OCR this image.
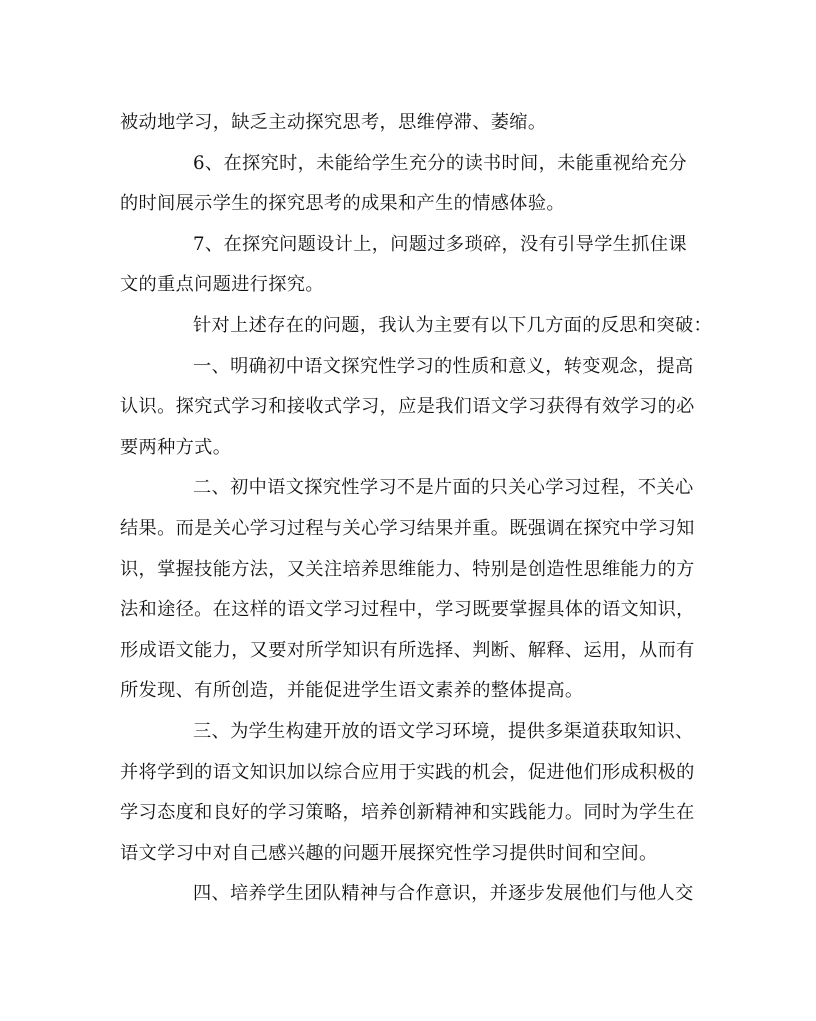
被动地学习，缺乏主动探究思考，思维停滞、萎缩。
6、在探究时，未能给学生充分的读书时间，未能重视给充分
的时间展示学生的探究思考的成果和产生的情感体验。
7、在探究问题设计上，问题过多琐碎，没有引导学生抓住课
文的重点问题进行探究。
针对上述存在的问题，我认为主要有以下几方面的反思和突破：
一、明确初中语文探究性学习的性质和意义，转变观念，提高
认识。探究式学习和接收式学习，应是我们语文学习获得有效学习的必
要两种方式。
二、初中语文探究性学习不是片面的只关心学习过程，不关心
结果。而是关心学习过程与关心学习结果并重。既强调在探究中学习知
识，掌握技能方法，又关注培养思维能力、特别是创造性思维能力的方
法和途径。在这样的语文学习过程中，学习既要掌握具体的语文知识，
形成语文能力，又要对所学知识有所选择、判断、解释、运用，从而有
所发现、有所创造，并能促进学生语文素养的整体提高。
三、为学生构建开放的语文学习环境，提供多渠道获取知识、
并将学到的语文知识加以综合应用于实践的机会，促进他们形成积极的
学习态度和良好的学习策略，培养创新精神和实践能力。同时为学生在
语文学习中对自己感兴趣的问题开展探究性学习提供时间和空间。
四、培养学生团队精神与合作意识，并逐步发展他们与他人交
